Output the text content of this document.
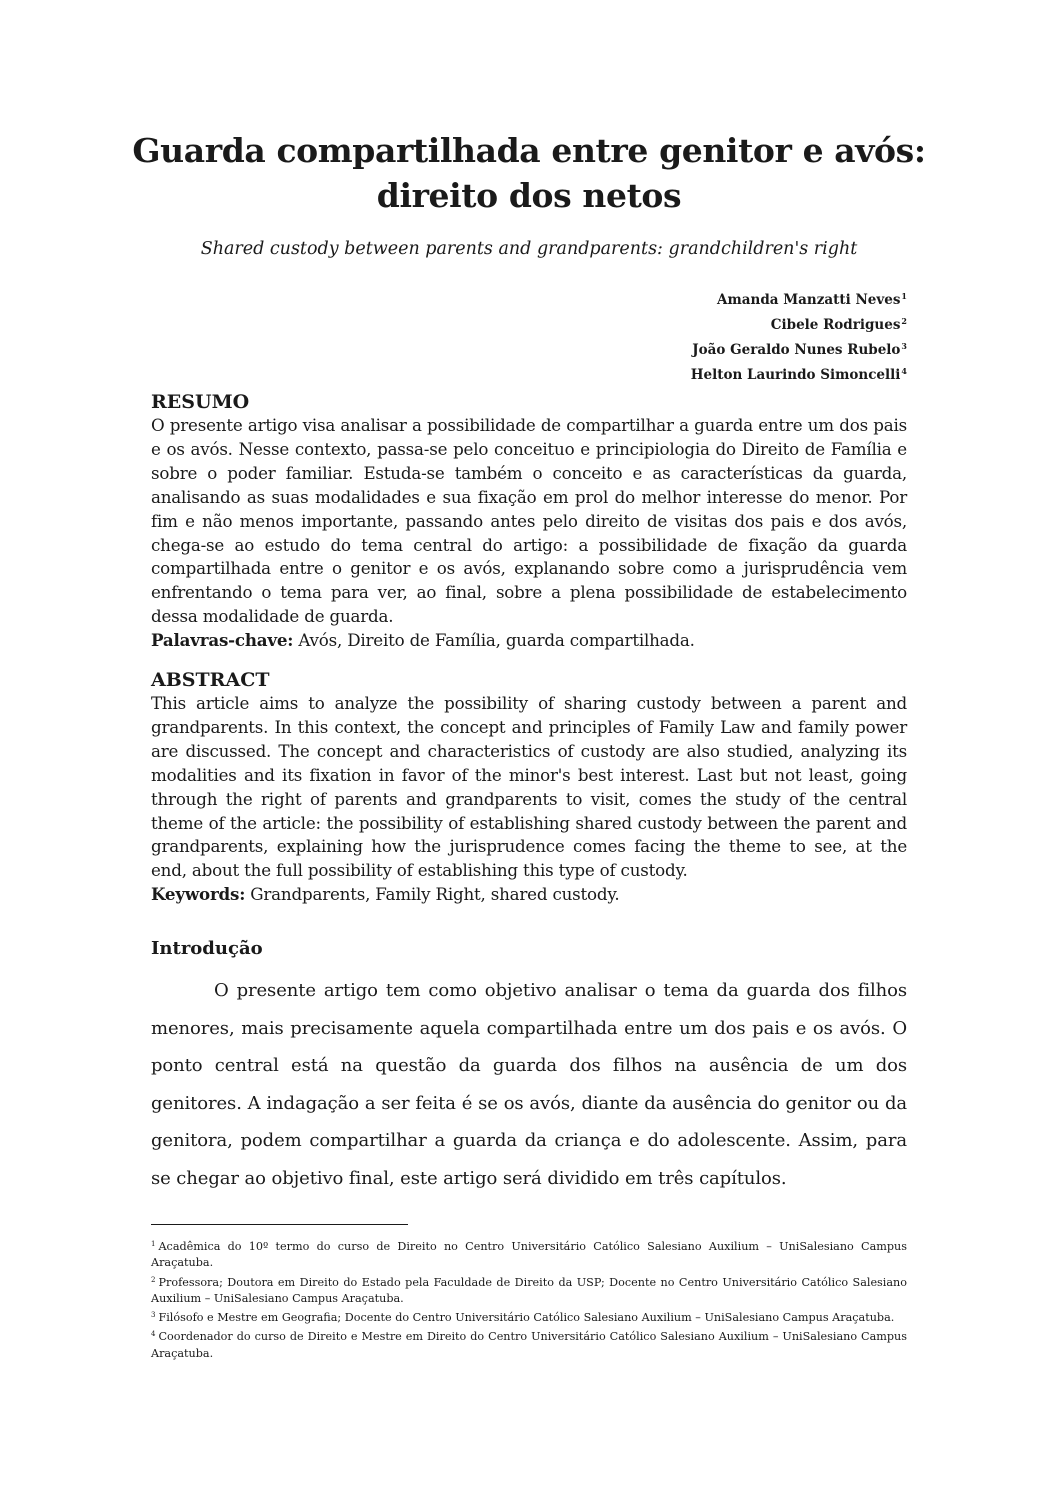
Guarda compartilhada entre genitor e avós:
direito dos netos
Shared custody between parents and grandparents: grandchildren's right
Amanda Manzatti Neves$^1$
Cibele Rodrigues$^2$
João Geraldo Nunes Rubelo$^3$
Helton Laurindo Simoncelli$^4$
RESUMO
O presente artigo visa analisar a possibilidade de compartilhar a guarda entre um dos pais e os avós. Nesse contexto, passa-se pelo conceituo e principiologia do Direito de Família e sobre o poder familiar. Estuda-se também o conceito e as características da guarda, analisando as suas modalidades e sua fixação em prol do melhor interesse do menor. Por fim e não menos importante, passando antes pelo direito de visitas dos pais e dos avós, chega-se ao estudo do tema central do artigo: a possibilidade de fixação da guarda compartilhada entre o genitor e os avós, explanando sobre como a jurisprudência vem enfrentando o tema para ver, ao final, sobre a plena possibilidade de estabelecimento dessa modalidade de guarda.
Palavras-chave: Avós, Direito de Família, guarda compartilhada.
ABSTRACT
This article aims to analyze the possibility of sharing custody between a parent and grandparents. In this context, the concept and principles of Family Law and family power are discussed. The concept and characteristics of custody are also studied, analyzing its modalities and its fixation in favor of the minor's best interest. Last but not least, going through the right of parents and grandparents to visit, comes the study of the central theme of the article: the possibility of establishing shared custody between the parent and grandparents, explaining how the jurisprudence comes facing the theme to see, at the end, about the full possibility of establishing this type of custody.
Keywords: Grandparents, Family Right, shared custody.
Introdução
O presente artigo tem como objetivo analisar o tema da guarda dos filhos menores, mais precisamente aquela compartilhada entre um dos pais e os avós. O ponto central está na questão da guarda dos filhos na ausência de um dos genitores. A indagação a ser feita é se os avós, diante da ausência do genitor ou da genitora, podem compartilhar a guarda da criança e do adolescente. Assim, para se chegar ao objetivo final, este artigo será dividido em três capítulos.
$^1$ Acadêmica do 10º termo do curso de Direito no Centro Universitário Católico Salesiano Auxilium – UniSalesiano Campus Araçatuba.
$^2$ Professora; Doutora em Direito do Estado pela Faculdade de Direito da USP; Docente no Centro Universitário Católico Salesiano Auxilium – UniSalesiano Campus Araçatuba.
$^3$ Filósofo e Mestre em Geografia; Docente do Centro Universitário Católico Salesiano Auxilium – UniSalesiano Campus Araçatuba.
$^4$ Coordenador do curso de Direito e Mestre em Direito do Centro Universitário Católico Salesiano Auxilium – UniSalesiano Campus Araçatuba.
